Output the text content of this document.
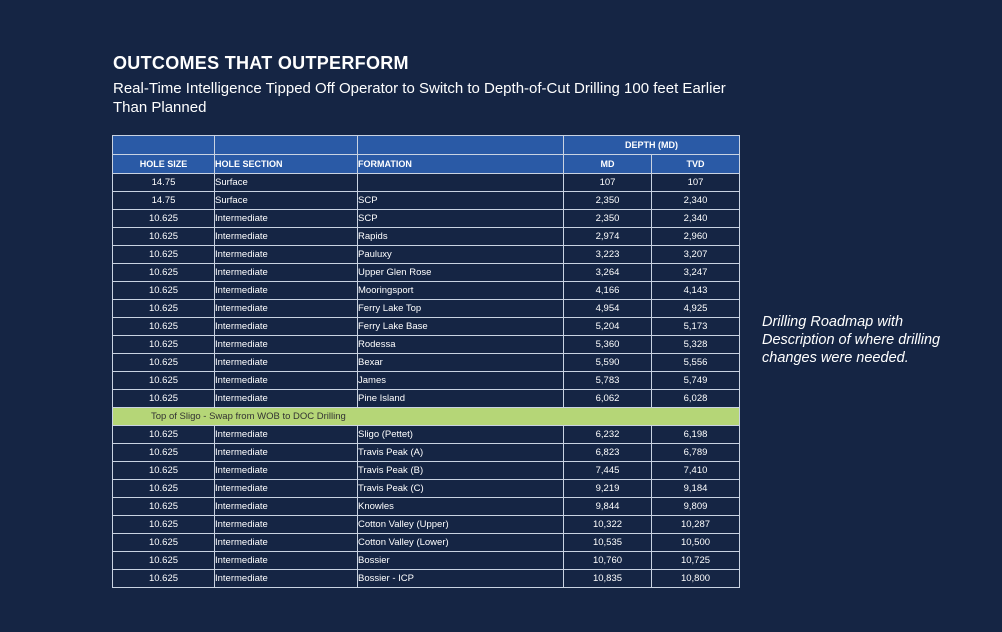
OUTCOMES THAT OUTPERFORM
Real-Time Intelligence Tipped Off Operator to Switch to Depth-of-Cut Drilling 100 feet Earlier Than Planned
			DEPTH (MD)	
HOLE SIZE	HOLE SECTION	FORMATION	MD	TVD
14.75	Surface		107	107
14.75	Surface	SCP	2,350	2,340
10.625	Intermediate	SCP	2,350	2,340
10.625	Intermediate	Rapids	2,974	2,960
10.625	Intermediate	Pauluxy	3,223	3,207
10.625	Intermediate	Upper Glen Rose	3,264	3,247
10.625	Intermediate	Mooringsport	4,166	4,143
10.625	Intermediate	Ferry Lake Top	4,954	4,925
10.625	Intermediate	Ferry Lake Base	5,204	5,173
10.625	Intermediate	Rodessa	5,360	5,328
10.625	Intermediate	Bexar	5,590	5,556
10.625	Intermediate	James	5,783	5,749
10.625	Intermediate	Pine Island	6,062	6,028
Top of Sligo - Swap from WOB to DOC Drilling				
10.625	Intermediate	Sligo (Pettet)	6,232	6,198
10.625	Intermediate	Travis Peak (A)	6,823	6,789
10.625	Intermediate	Travis Peak (B)	7,445	7,410
10.625	Intermediate	Travis Peak (C)	9,219	9,184
10.625	Intermediate	Knowles	9,844	9,809
10.625	Intermediate	Cotton Valley (Upper)	10,322	10,287
10.625	Intermediate	Cotton Valley (Lower)	10,535	10,500
10.625	Intermediate	Bossier	10,760	10,725
10.625	Intermediate	Bossier - ICP	10,835	10,800
Drilling Roadmap with Description of where drilling changes were needed.
